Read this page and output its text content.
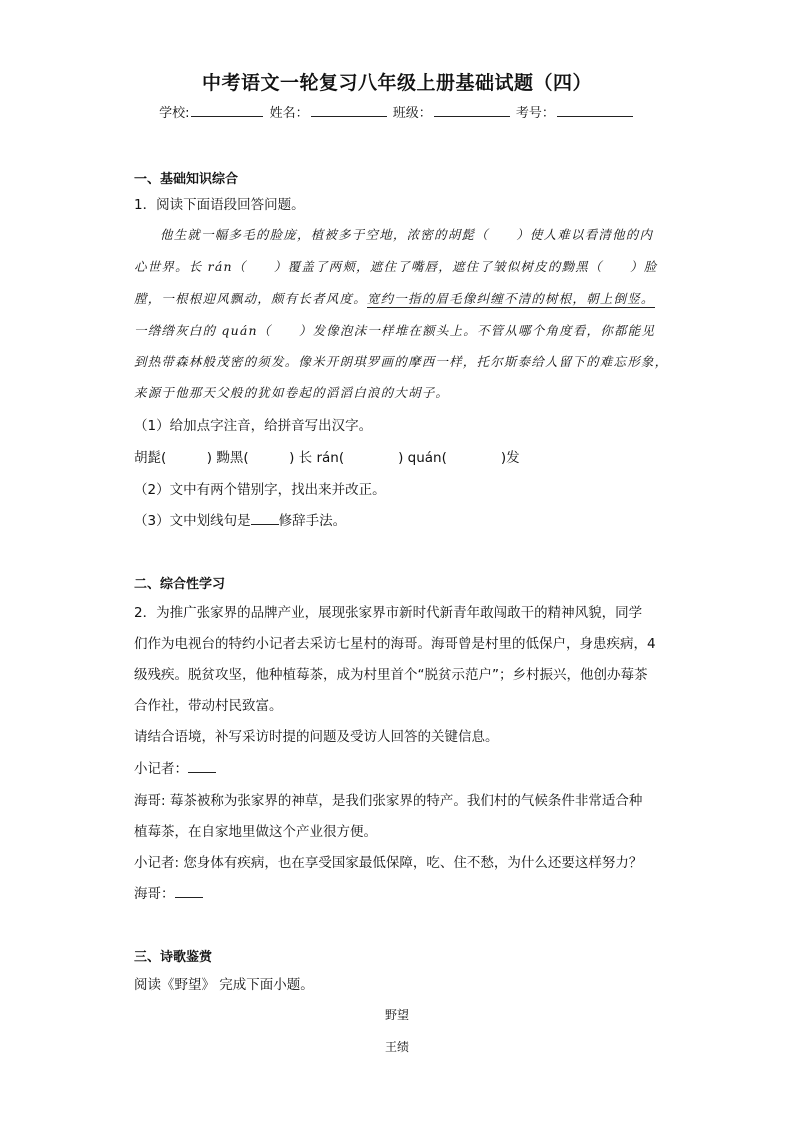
中考语文一轮复习八年级上册基础试题（四）
学校:	姓名：	班级：	考号：
一、基础知识综合
1．阅读下面语段回答问题。
他生就一幅多毛的脸庞，植被多于空地，浓密的胡髭（　　）使人难以看清他的内
心世界。长 rán（　　）覆盖了两颊，遮住了嘴唇，遮住了皱似树皮的黝黑（　　）脸
膛，一根根迎风飘动，颇有长者风度。宽约一指的眉毛像纠缠不清的树根，朝上倒竖。
一绺绺灰白的 quán（　　）发像泡沫一样堆在额头上。不管从哪个角度看，你都能见
到热带森林般茂密的须发。像米开朗琪罗画的摩西一样，托尔斯泰给人留下的难忘形象，
来源于他那天父般的犹如卷起的滔滔白浪的大胡子。
（1）给加点字注音，给拼音写出汉字。
胡髭(　　　) 黝黑(　　　) 长 rán(　　　　) quán(　　　　)发
（2）文中有两个错别字，找出来并改正。
（3）文中划线句是 修辞手法。
二、综合性学习
2．为推广张家界的品牌产业，展现张家界市新时代新青年敢闯敢干的精神风貌，同学
们作为电视台的特约小记者去采访七星村的海哥。海哥曾是村里的低保户，身患疾病，4
级残疾。脱贫攻坚，他种植莓茶，成为村里首个“脱贫示范户”；乡村振兴，他创办莓茶
合作社，带动村民致富。
请结合语境，补写采访时提的问题及受访人回答的关键信息。
小记者：
海哥: 莓茶被称为张家界的神草，是我们张家界的特产。我们村的气候条件非常适合种
植莓茶，在自家地里做这个产业很方便。
小记者: 您身体有疾病，也在享受国家最低保障，吃、住不愁，为什么还要这样努力？
海哥：
三、诗歌鉴赏
阅读《野望》 完成下面小题。
野望
王绩
